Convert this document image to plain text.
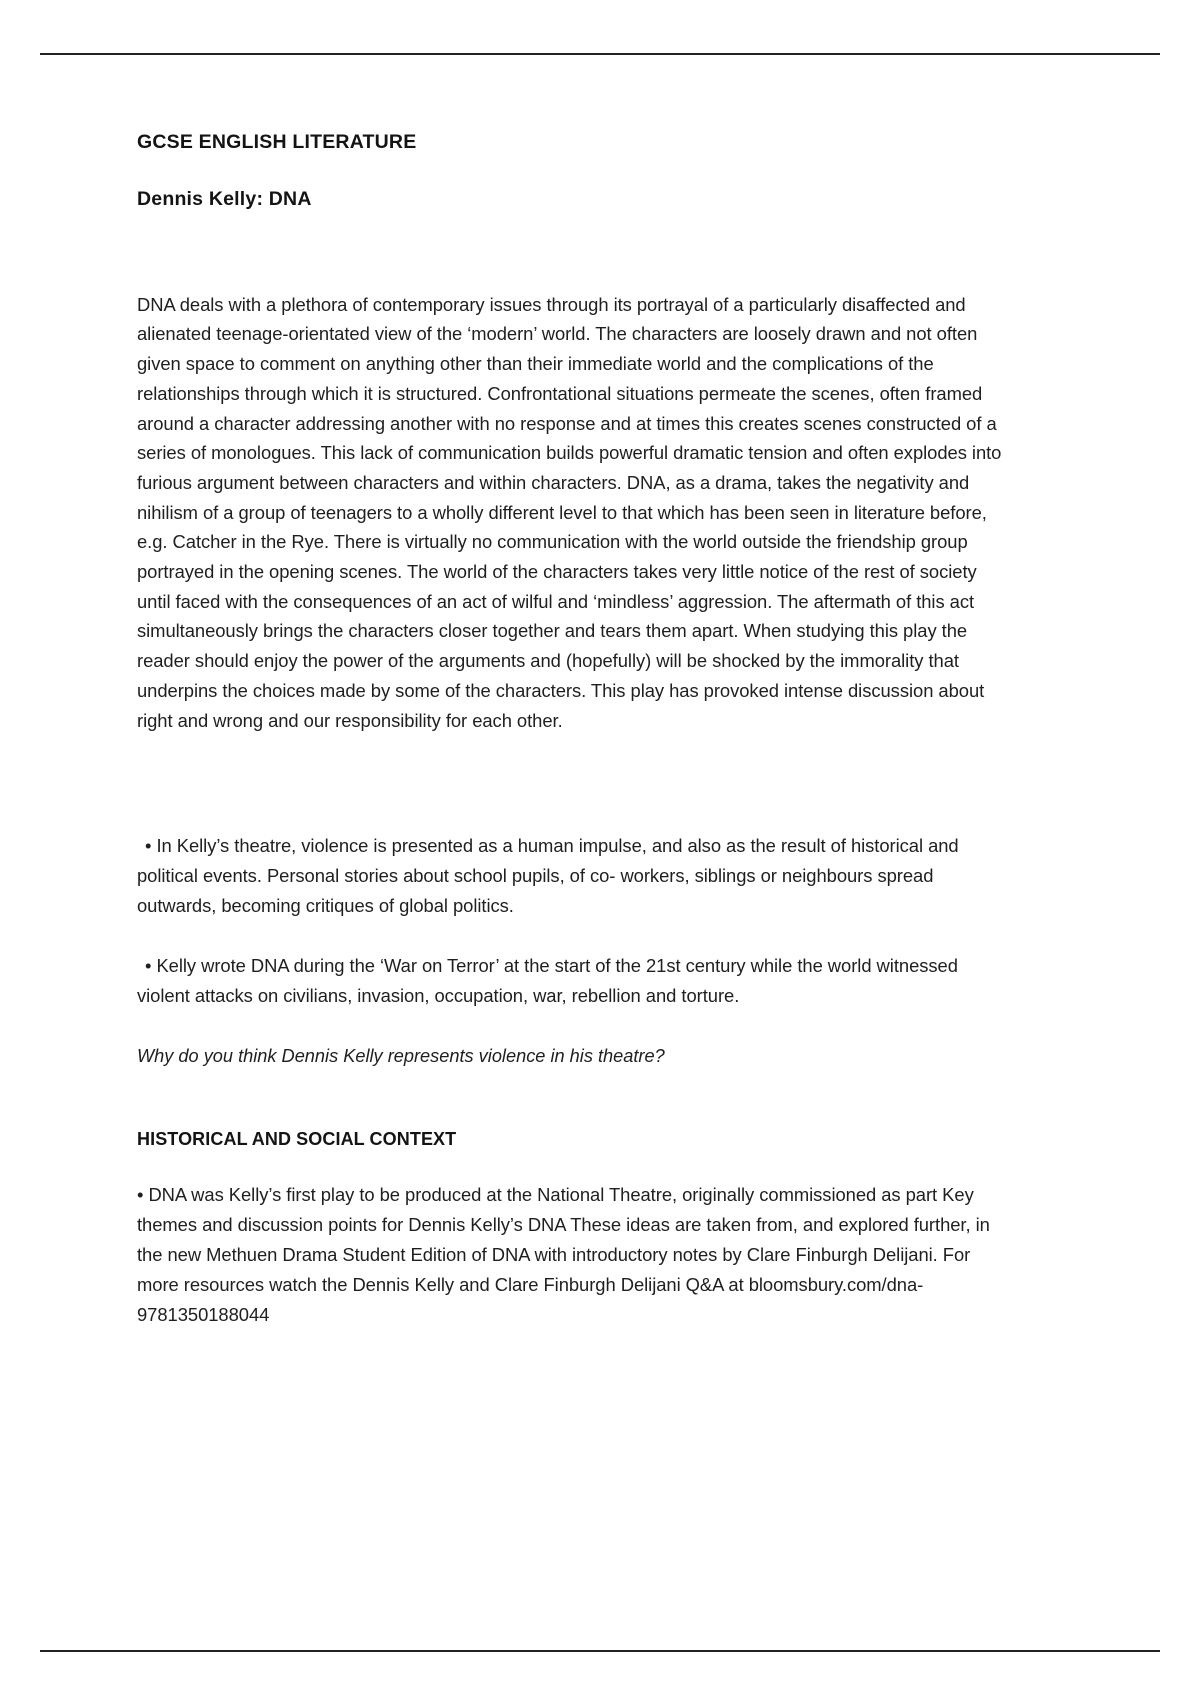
GCSE ENGLISH LITERATURE
Dennis Kelly: DNA

DNA deals with a plethora of contemporary issues through its portrayal of a particularly disaffected and alienated teenage-orientated view of the ‘modern’ world. The characters are loosely drawn and not often given space to comment on anything other than their immediate world and the complications of the relationships through which it is structured. Confrontational situations permeate the scenes, often framed around a character addressing another with no response and at times this creates scenes constructed of a series of monologues. This lack of communication builds powerful dramatic tension and often explodes into furious argument between characters and within characters. DNA, as a drama, takes the negativity and nihilism of a group of teenagers to a wholly different level to that which has been seen in literature before, e.g. Catcher in the Rye. There is virtually no communication with the world outside the friendship group portrayed in the opening scenes. The world of the characters takes very little notice of the rest of society until faced with the consequences of an act of wilful and ‘mindless’ aggression. The aftermath of this act simultaneously brings the characters closer together and tears them apart. When studying this play the reader should enjoy the power of the arguments and (hopefully) will be shocked by the immorality that underpins the choices made by some of the characters. This play has provoked intense discussion about right and wrong and our responsibility for each other.

• In Kelly’s theatre, violence is presented as a human impulse, and also as the result of historical and political events. Personal stories about school pupils, of co- workers, siblings or neighbours spread outwards, becoming critiques of global politics.

• Kelly wrote DNA during the ‘War on Terror’ at the start of the 21st century while the world witnessed violent attacks on civilians, invasion, occupation, war, rebellion and torture.

Why do you think Dennis Kelly represents violence in his theatre?

HISTORICAL AND SOCIAL CONTEXT

• DNA was Kelly’s first play to be produced at the National Theatre, originally commissioned as part Key themes and discussion points for Dennis Kelly’s DNA These ideas are taken from, and explored further, in the new Methuen Drama Student Edition of DNA with introductory notes by Clare Finburgh Delijani. For more resources watch the Dennis Kelly and Clare Finburgh Delijani Q&A at bloomsbury.com/dna-9781350188044
